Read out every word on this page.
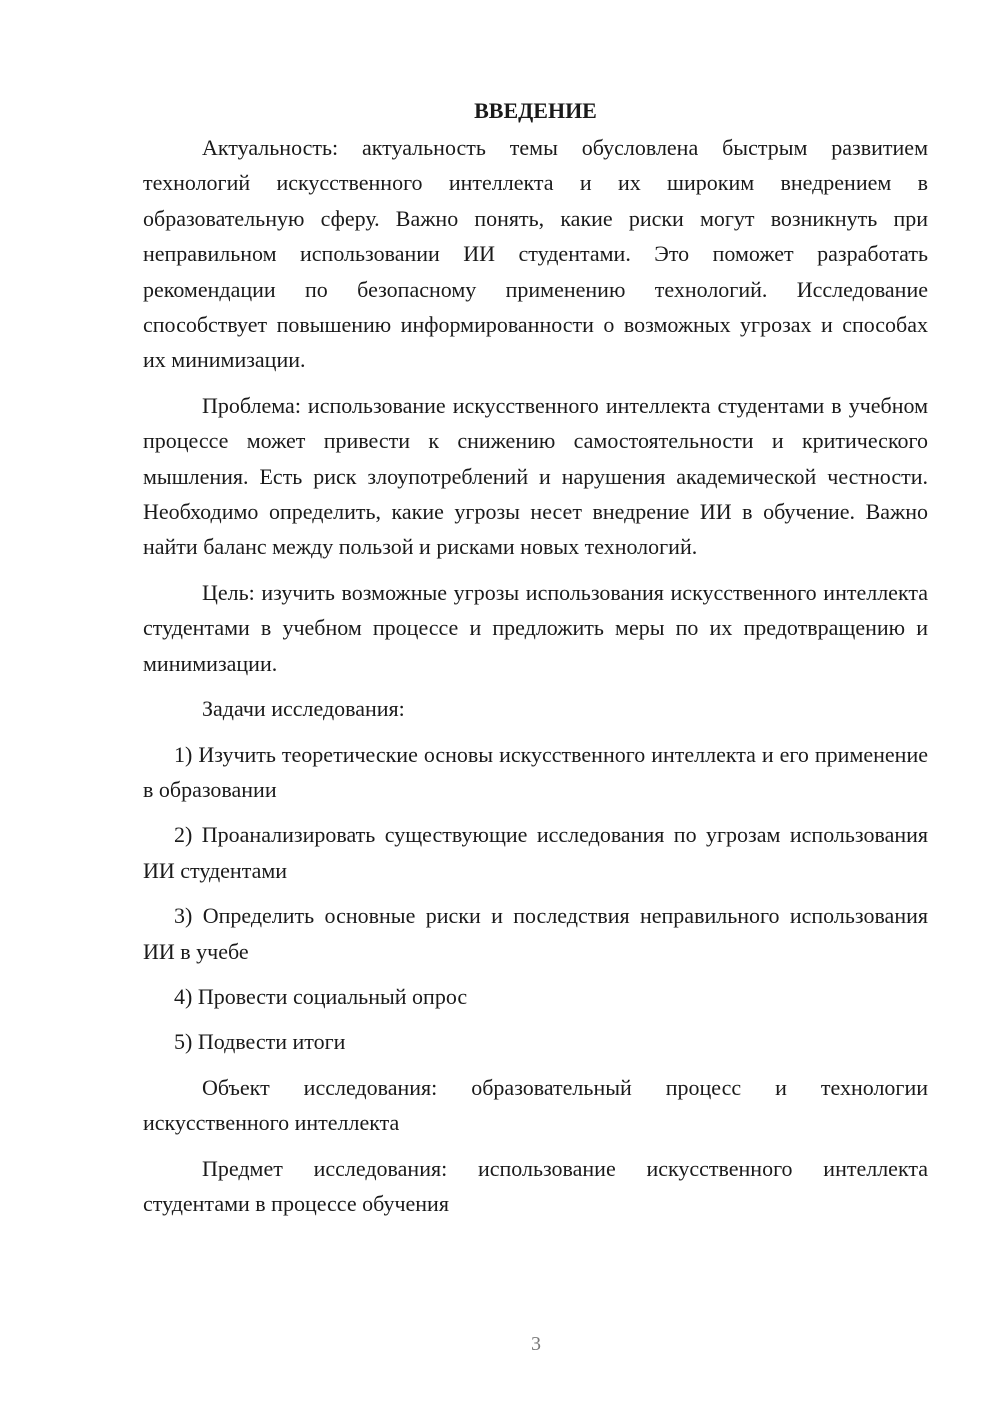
ВВЕДЕНИЕ

Актуальность: актуальность темы обусловлена быстрым развитием технологий искусственного интеллекта и их широким внедрением в образовательную сферу. Важно понять, какие риски могут возникнуть при неправильном использовании ИИ студентами. Это поможет разработать рекомендации по безопасному применению технологий. Исследование способствует повышению информированности о возможных угрозах и способах их минимизации.

Проблема: использование искусственного интеллекта студентами в учебном процессе может привести к снижению самостоятельности и критического мышления. Есть риск злоупотреблений и нарушения академической честности. Необходимо определить, какие угрозы несет внедрение ИИ в обучение. Важно найти баланс между пользой и рисками новых технологий.

Цель: изучить возможные угрозы использования искусственного интеллекта студентами в учебном процессе и предложить меры по их предотвращению и минимизации.

Задачи исследования:

1) Изучить теоретические основы искусственного интеллекта и его применение в образовании

2) Проанализировать существующие исследования по угрозам использования ИИ студентами

3) Определить основные риски и последствия неправильного использования ИИ в учебе

4) Провести социальный опрос

5) Подвести итоги

Объект исследования: образовательный процесс и технологии искусственного интеллекта

Предмет исследования: использование искусственного интеллекта студентами в процессе обучения

3
